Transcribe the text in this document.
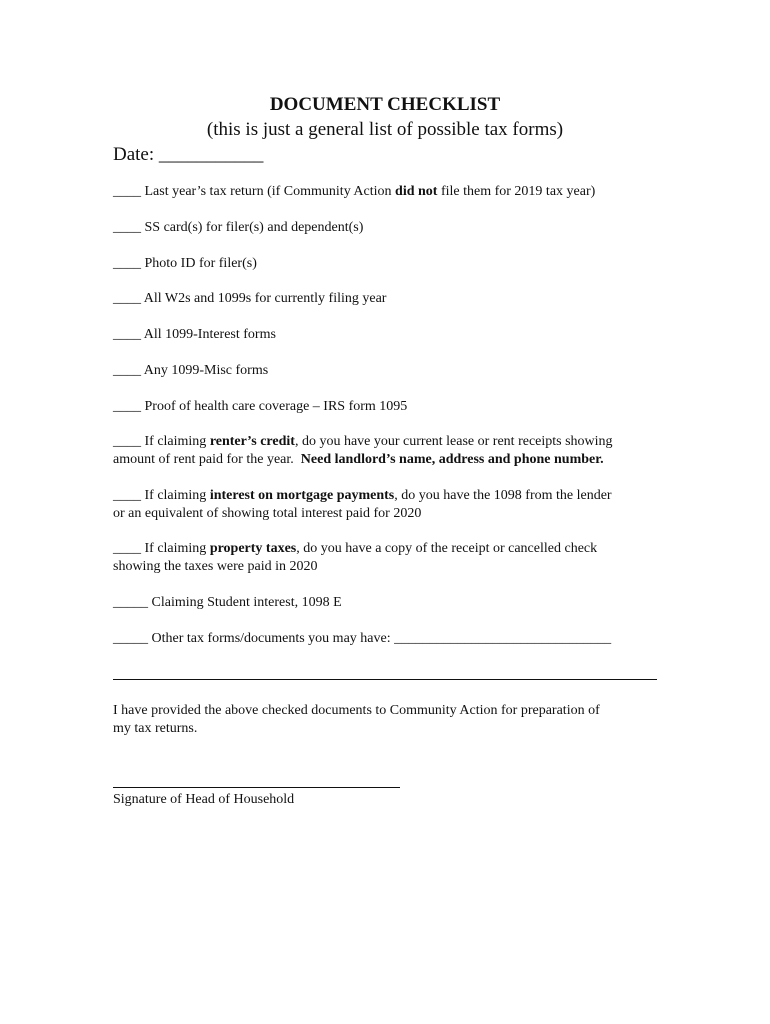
DOCUMENT CHECKLIST
(this is just a general list of possible tax forms)
Date: ___________
____ Last year’s tax return (if Community Action did not file them for 2019 tax year)
____ SS card(s) for filer(s) and dependent(s)
____ Photo ID for filer(s)
____ All W2s and 1099s for currently filing year
____ All 1099-Interest forms
____ Any 1099-Misc forms
____ Proof of health care coverage – IRS form 1095
____ If claiming renter’s credit, do you have your current lease or rent receipts showing
amount of rent paid for the year.  Need landlord’s name, address and phone number.
____ If claiming interest on mortgage payments, do you have the 1098 from the lender
or an equivalent of showing total interest paid for 2020
____ If claiming property taxes, do you have a copy of the receipt or cancelled check
showing the taxes were paid in 2020
_____ Claiming Student interest, 1098 E
_____ Other tax forms/documents you may have: _______________________________
I have provided the above checked documents to Community Action for preparation of
my tax returns.
Signature of Head of Household
